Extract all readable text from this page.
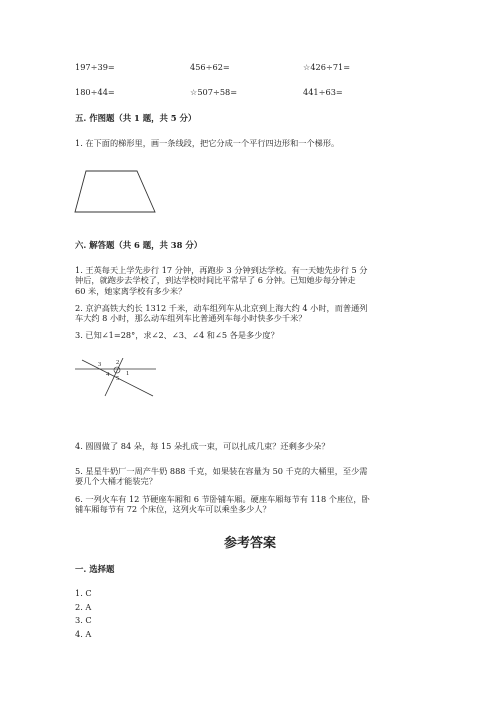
197÷39=	456÷62=	☆426÷71=
180÷44=	☆507÷58=	441÷63=
五. 作图题（共 1 题，共 5 分）
1. 在下面的梯形里，画一条线段，把它分成一个平行四边形和一个梯形。
六. 解答题（共 6 题，共 38 分）

1. 王英每天上学先步行 17 分钟，再跑步 3 分钟到达学校。有一天她先步行 5 分

钟后，就跑步去学校了，到达学校时间比平常早了 6 分钟。已知她步每分钟走

60 米，她家离学校有多少米？

2. 京沪高铁大约长 1312 千米，动车组列车从北京到上海大约 4 小时，而普通列

车大约 8 小时，那么动车组列车比普通列车每小时快多少千米？

3. 已知∠1=28°，求∠2、∠3、∠4 和∠5 各是多少度？
3 2
4	1
5
4. 圆圆做了 84 朵，每 15 朵扎成一束，可以扎成几束？还剩多少朵？

5. 星星牛奶厂一周产牛奶 888 千克，如果装在容量为 50 千克的大桶里，至少需

要几个大桶才能装完？

6. 一列火车有 12 节硬座车厢和 6 节卧铺车厢。硬座车厢每节有 118 个座位，卧

铺车厢每节有 72 个床位，这列火车可以乘坐多少人？

参考答案
一. 选择题
1. C
2. A
3. C
4. A
